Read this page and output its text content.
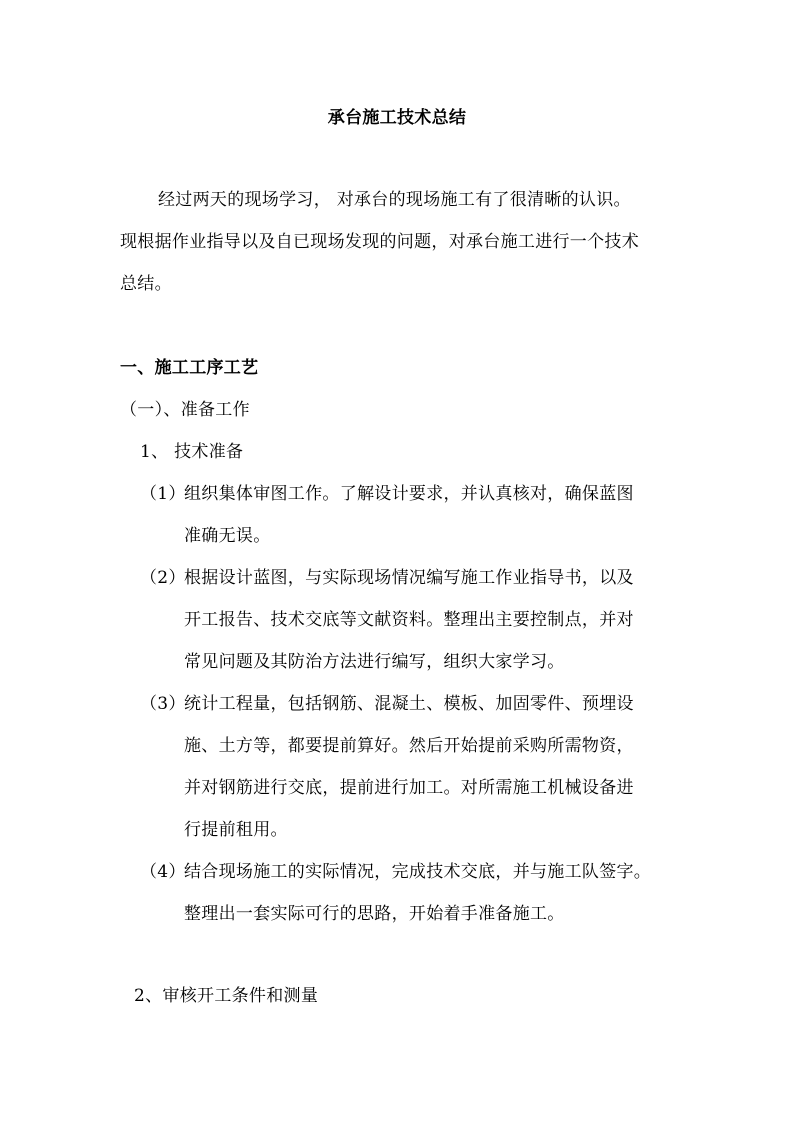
承台施工技术总结
经过两天的现场学习， 对承台的现场施工有了很清晰的认识。
现根据作业指导以及自已现场发现的问题，对承台施工进行一个技术
总结。
一、施工工序工艺
（一）、准备工作
1、 技术准备
（1）
组织集体审图工作。了解设计要求，并认真核对，确保蓝图
准确无误。
（2）
根据设计蓝图，与实际现场情况编写施工作业指导书，以及
开工报告、技术交底等文献资料。整理出主要控制点，并对
常见问题及其防治方法进行编写，组织大家学习。
（3）
统计工程量，包括钢筋、混凝土、模板、加固零件、预埋设
施、土方等，都要提前算好。然后开始提前采购所需物资，
并对钢筋进行交底，提前进行加工。对所需施工机械设备进
行提前租用。
（4）
结合现场施工的实际情况，完成技术交底，并与施工队签字。
整理出一套实际可行的思路，开始着手准备施工。
2、审核开工条件和测量
